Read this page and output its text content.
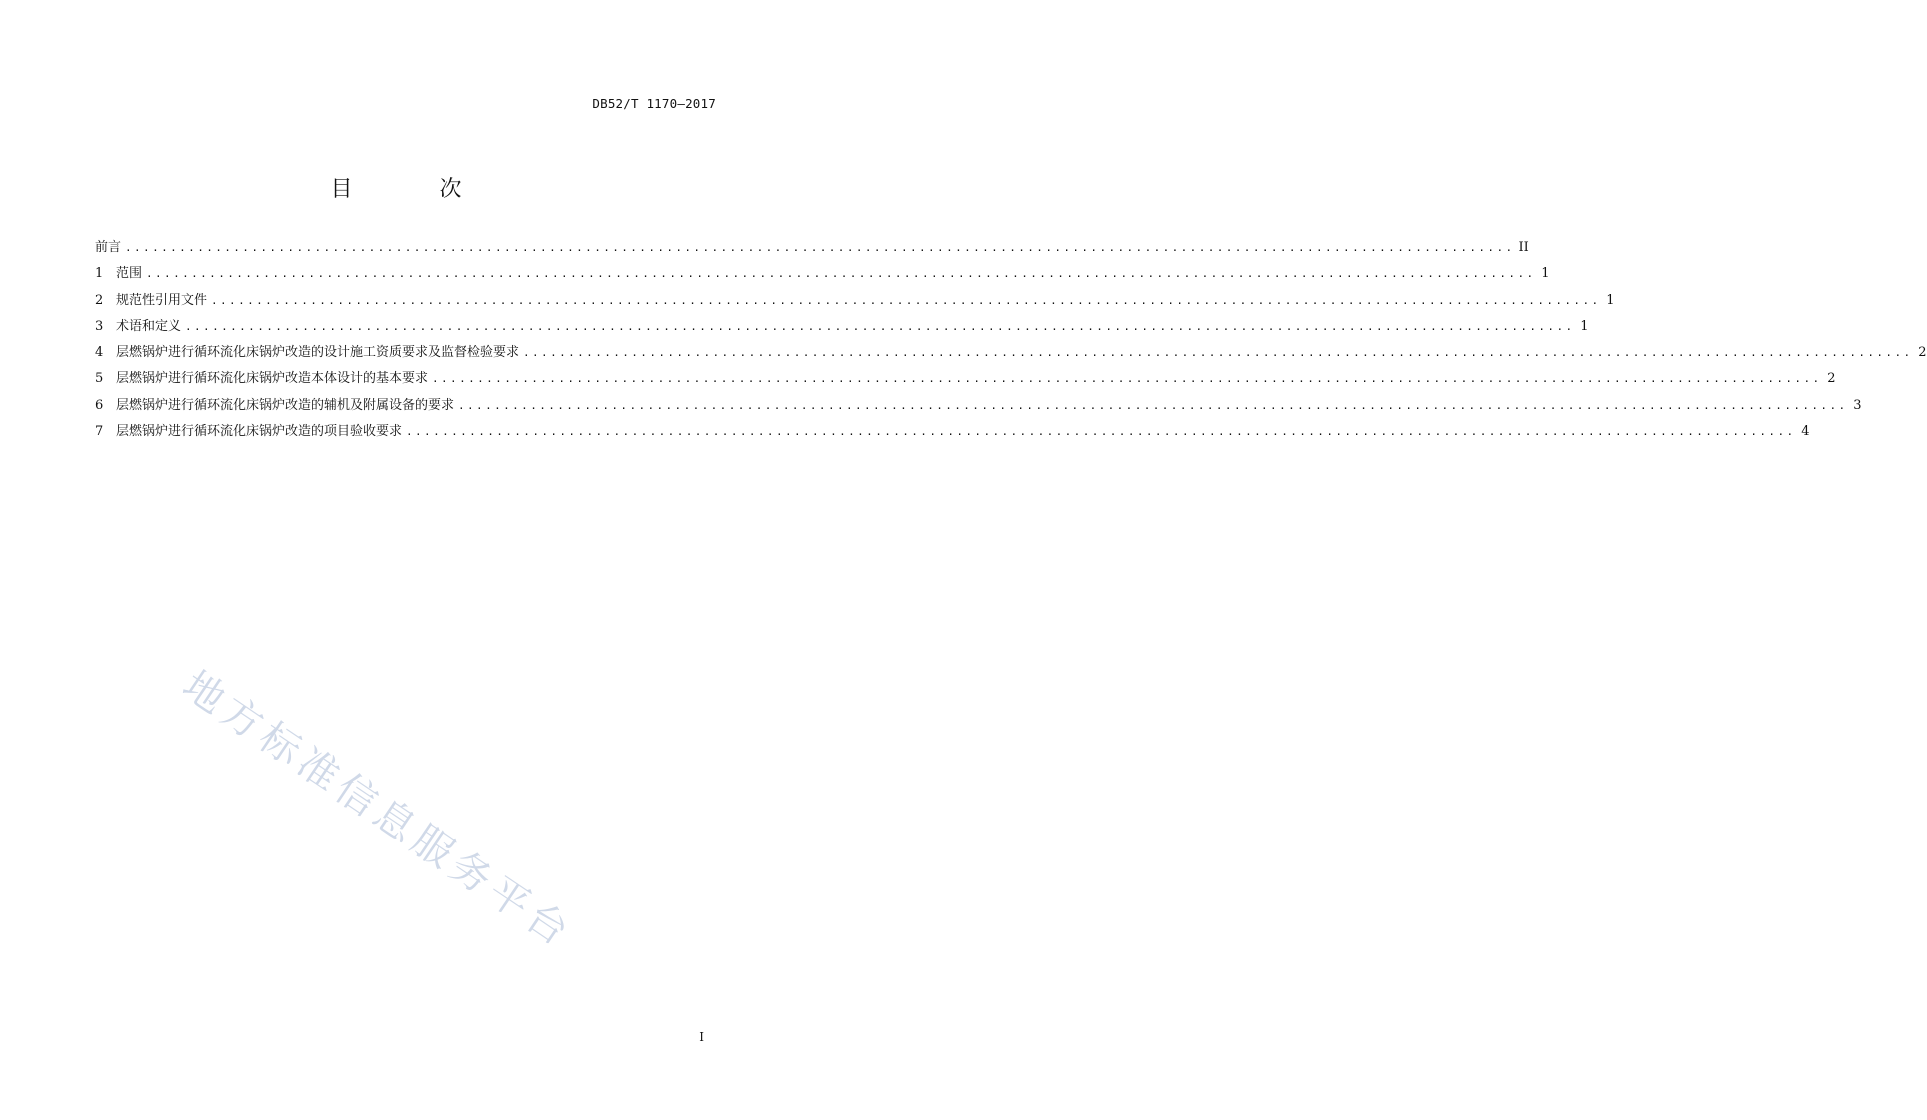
DB52/T 1170—2017
目 次
前言 .......................................................................................................................................................... II
1 范围 .......................................................................................................................................................... 1
2 规范性引用文件 .......................................................................................................................................................... 1
3 术语和定义 .......................................................................................................................................................... 1
4 层燃锅炉进行循环流化床锅炉改造的设计施工资质要求及监督检验要求 .......................................................................................................................................................... 2
5 层燃锅炉进行循环流化床锅炉改造本体设计的基本要求 .......................................................................................................................................................... 2
6 层燃锅炉进行循环流化床锅炉改造的辅机及附属设备的要求 .......................................................................................................................................................... 3
7 层燃锅炉进行循环流化床锅炉改造的项目验收要求 .......................................................................................................................................................... 4
地方标准信息服务平台
I
